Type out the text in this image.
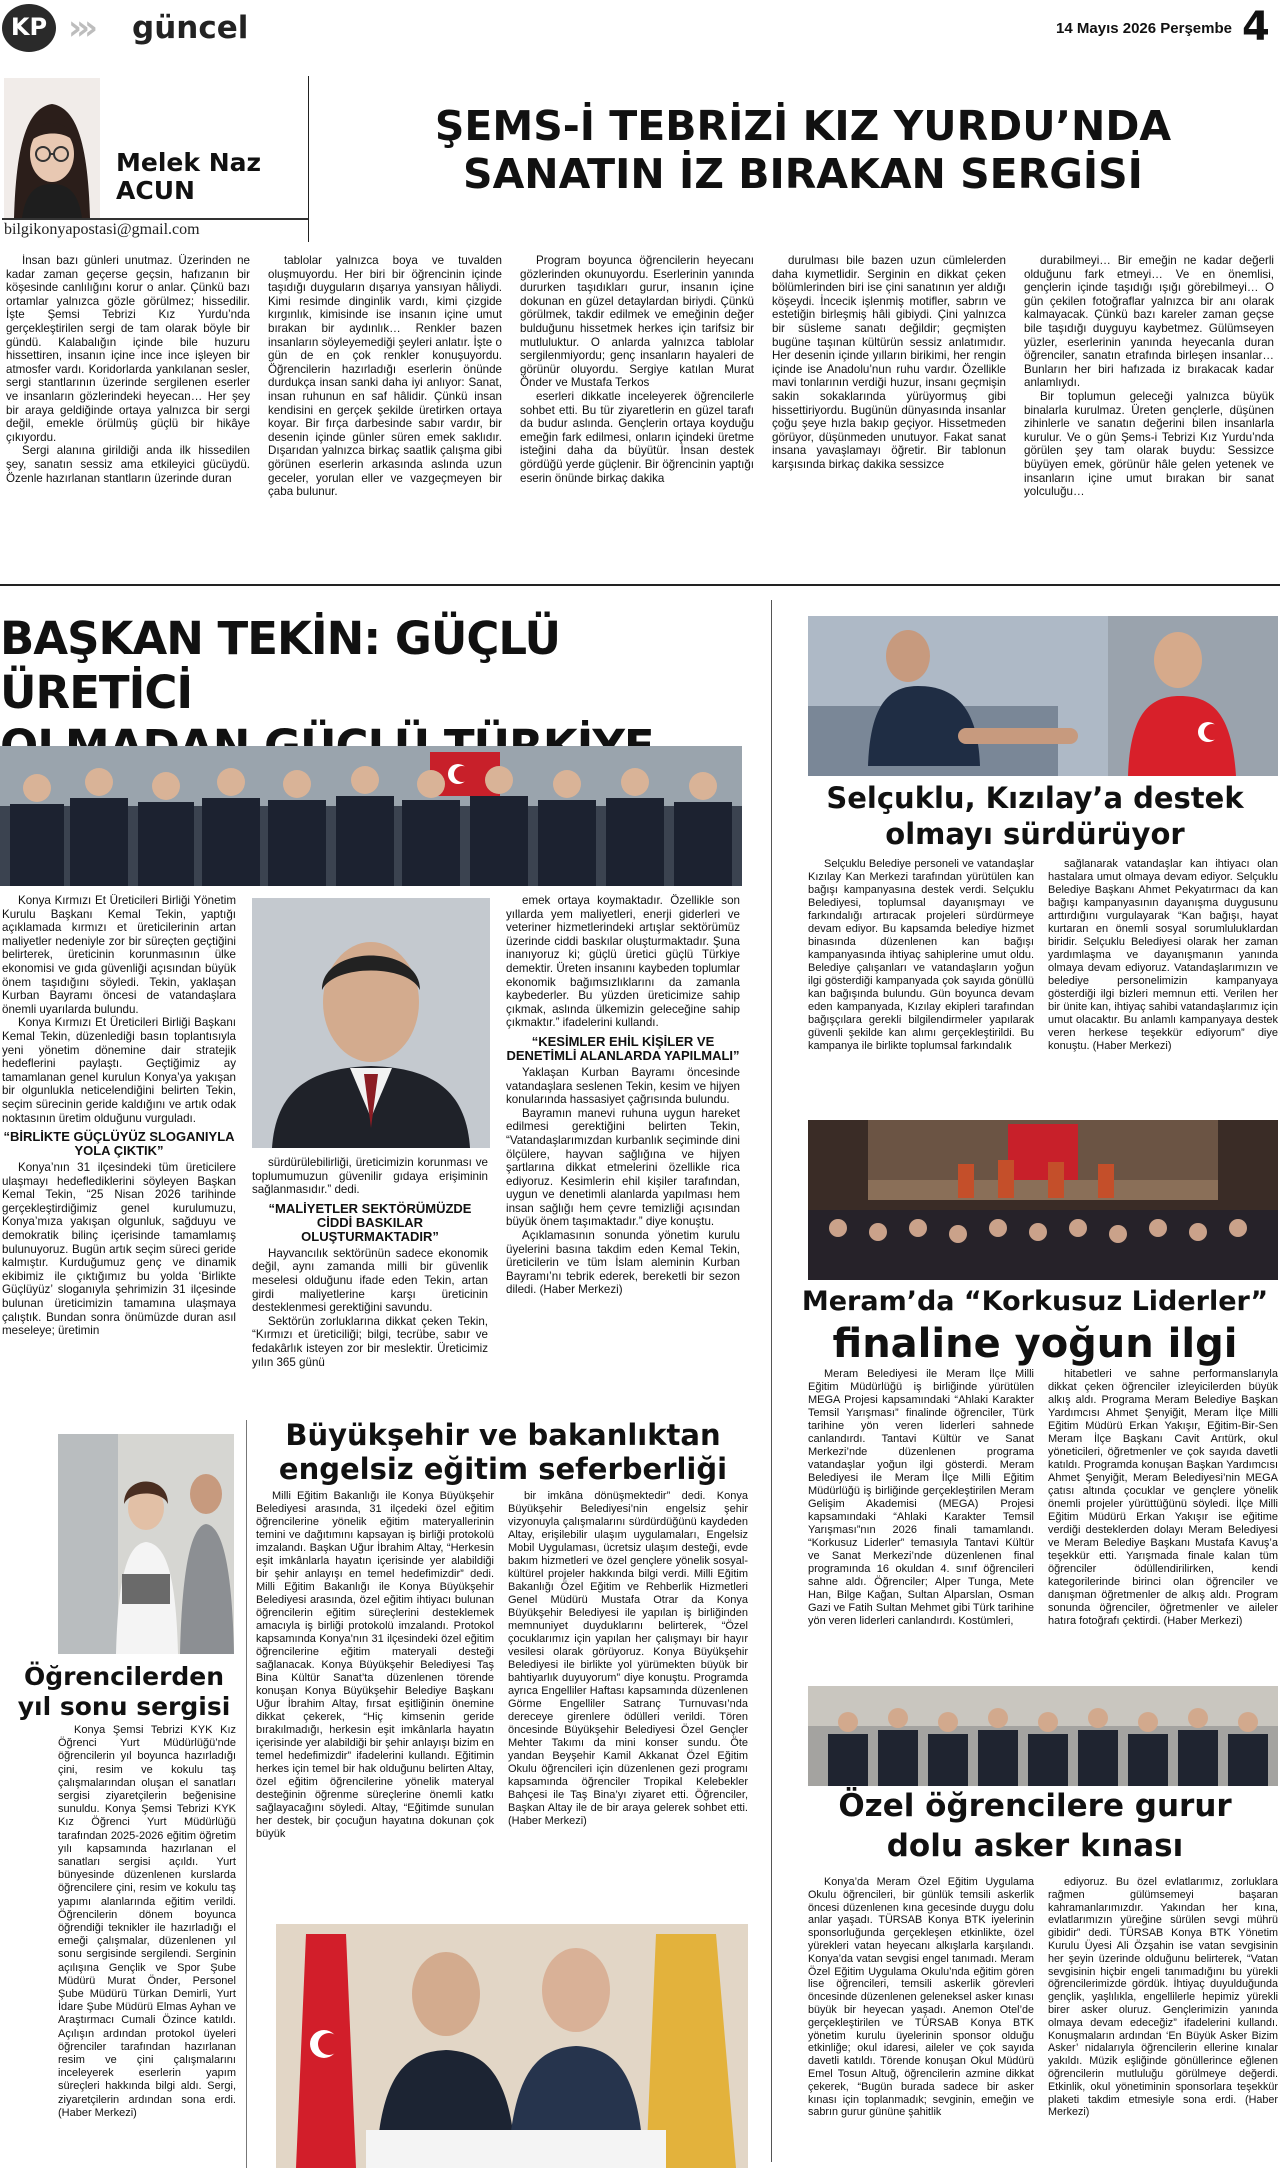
KP ››› güncel	14 Mayıs 2026 Perşembe 4
Melek Naz
ACUN
bilgikonyapostasi@gmail.com
ŞEMS-İ TEBRİZİ KIZ YURDU’NDA
SANATIN İZ BIRAKAN SERGİSİ

İnsan bazı günleri unutmaz. Üzerinden ne kadar zaman geçerse geçsin, hafızanın bir köşesinde canlılığını korur o anlar. Çünkü bazı ortamlar yalnızca gözle görülmez; hissedilir. İşte Şemsi Tebrizi Kız Yurdu’nda gerçekleştirilen sergi de tam olarak böyle bir gündü. Kalabalığın içinde bile huzuru hissettiren, insanın içine ince ince işleyen bir atmosfer vardı. Koridorlarda yankılanan sesler, sergi stantlarının üzerinde sergilenen eserler ve insanların gözlerindeki heyecan… Her şey bir araya geldiğinde ortaya yalnızca bir sergi değil, emekle örülmüş güçlü bir hikâye çıkıyordu.

Sergi alanına girildiği anda ilk hissedilen şey, sanatın sessiz ama etkileyici gücüydü. Özenle hazırlanan stantların üzerinde duran

tablolar yalnızca boya ve tuvalden oluşmuyordu. Her biri bir öğrencinin içinde taşıdığı duyguların dışarıya yansıyan hâliydi. Kimi resimde dinginlik vardı, kimi çizgide kırgınlık, kimisinde ise insanın içine umut bırakan bir aydınlık… Renkler bazen insanların söyleyemediği şeyleri anlatır. İşte o gün de en çok renkler konuşuyordu. Öğrencilerin hazırladığı eserlerin önünde durdukça insan sanki daha iyi anlıyor: Sanat, insan ruhunun en saf hâlidir. Çünkü insan kendisini en gerçek şekilde üretirken ortaya koyar. Bir fırça darbesinde sabır vardır, bir desenin içinde günler süren emek saklıdır. Dışarıdan yalnızca birkaç saatlik çalışma gibi görünen eserlerin arkasında aslında uzun geceler, yorulan eller ve vazgeçmeyen bir çaba bulunur.

Program boyunca öğrencilerin heyecanı gözlerinden okunuyordu. Eserlerinin yanında dururken taşıdıkları gurur, insanın içine dokunan en güzel detaylardan biriydi. Çünkü görülmek, takdir edilmek ve emeğinin değer bulduğunu hissetmek herkes için tarifsiz bir mutluluktur. O anlarda yalnızca tablolar sergilenmiyordu; genç insanların hayaleri de görünür oluyordu. Sergiye katılan Murat Önder ve Mustafa Terkos

eserleri dikkatle inceleyerek öğrencilerle sohbet etti. Bu tür ziyaretlerin en güzel tarafı da budur aslında. Gençlerin ortaya koyduğu emeğin fark edilmesi, onların içindeki üretme isteğini daha da büyütür. İnsan destek gördüğü yerde güçlenir. Bir öğrencinin yaptığı eserin önünde birkaç dakika

durulması bile bazen uzun cümlelerden daha kıymetlidir. Serginin en dikkat çeken bölümlerinden biri ise çini sanatının yer aldığı köşeydi. İncecik işlenmiş motifler, sabrın ve estetiğin birleşmiş hâli gibiydi. Çini yalnızca bir süsleme sanatı değildir; geçmişten bugüne taşınan kültürün sessiz anlatımıdır. Her desenin içinde yılların birikimi, her rengin içinde ise Anadolu’nun ruhu vardır. Özellikle mavi tonlarının verdiği huzur, insanı geçmişin sakin sokaklarında yürüyormuş gibi hissettiriyordu. Bugünün dünyasında insanlar çoğu şeye hızla bakıp geçiyor. Hissetmeden görüyor, düşünmeden unutuyor. Fakat sanat insana yavaşlamayı öğretir. Bir tablonun karşısında birkaç dakika sessizce

durabilmeyi… Bir emeğin ne kadar değerli olduğunu fark etmeyi… Ve en önemlisi, gençlerin içinde taşıdığı ışığı görebilmeyi… O gün çekilen fotoğraflar yalnızca bir anı olarak kalmayacak. Çünkü bazı kareler zaman geçse bile taşıdığı duyguyu kaybetmez. Gülümseyen yüzler, eserlerinin yanında heyecanla duran öğrenciler, sanatın etrafında birleşen insanlar… Bunların her biri hafızada iz bırakacak kadar anlamlıydı.

Bir toplumun geleceği yalnızca büyük binalarla kurulmaz. Üreten gençlerle, düşünen zihinlerle ve sanatın değerini bilen insanlarla kurulur. Ve o gün Şems-i Tebrizi Kız Yurdu’nda görülen şey tam olarak buydu: Sessizce büyüyen emek, görünür hâle gelen yetenek ve insanların içine umut bırakan bir sanat yolculuğu…

BAŞKAN TEKİN: GÜÇLÜ ÜRETİCİ

Konya Kırmızı Et Üreticileri Birliği Yönetim Kurulu Başkanı Kemal Tekin, yaptığı açıklamada kırmızı et üreticilerinin artan maliyetler nedeniyle zor bir süreçten geçtiğini belirterek, üreticinin korunmasının ülke ekonomisi ve gıda güvenliği açısından büyük önem taşıdığını söyledi. Tekin, yaklaşan Kurban Bayramı öncesi de vatandaşlara önemli uyarılarda bulundu.

Konya Kırmızı Et Üreticileri Birliği Başkanı Kemal Tekin, düzenlediği basın toplantısıyla yeni yönetim dönemine dair stratejik hedeflerini paylaştı. Geçtiğimiz ay tamamlanan genel kurulun Konya’ya yakışan bir olgunlukla neticelendiğini belirten Tekin, seçim sürecinin geride kaldığını ve artık odak noktasının üretim olduğunu vurguladı.

“BİRLİKTE GÜÇLÜYÜZ SLOGANIYLA YOLA ÇIKTIK”

Konya’nın 31 ilçesindeki tüm üreticilere ulaşmayı hedeflediklerini söyleyen Başkan Kemal Tekin, “25 Nisan 2026 tarihinde gerçekleştirdiğimiz genel kurulumuzu, Konya’mıza yakışan olgunluk, sağduyu ve demokratik bilinç içerisinde tamamlamış bulunuyoruz. Bugün artık seçim süreci geride kalmıştır. Kurduğumuz genç ve dinamik ekibimiz ile çıktığımız bu yolda ‘Birlikte Güçlüyüz’ sloganıyla şehrimizin 31 ilçesinde bulunan üreticimizin tamamına ulaşmaya çalıştık. Bundan sonra önümüzde duran asıl meseleye; üretimin

sürdürülebilirliği, üreticimizin korunması ve toplumumuzun güvenilir gıdaya erişiminin sağlanmasıdır.” dedi.

“MALİYETLER SEKTÖRÜMÜZDE CİDDİ BASKILAR OLUŞTURMAKTADIR”

Hayvancılık sektörünün sadece ekonomik değil, aynı zamanda milli bir güvenlik meselesi olduğunu ifade eden Tekin, artan girdi maliyetlerine karşı üreticinin desteklenmesi gerektiğini savundu.

Sektörün zorluklarına dikkat çeken Tekin, “Kırmızı et üreticiliği; bilgi, tecrübe, sabır ve fedakârlık isteyen zor bir meslektir. Üreticimiz yılın 365 günü

emek ortaya koymaktadır. Özellikle son yıllarda yem maliyetleri, enerji giderleri ve veteriner hizmetlerindeki artışlar sektörümüz üzerinde ciddi baskılar oluşturmaktadır. Şuna inanıyoruz ki; güçlü üretici güçlü Türkiye demektir. Üreten insanını kaybeden toplumlar ekonomik bağımsızlıklarını da zamanla kaybederler. Bu yüzden üreticimize sahip çıkmak, aslında ülkemizin geleceğine sahip çıkmaktır.” ifadelerini kullandı.

“KESİMLER EHİL KİŞİLER VE DENETİMLİ ALANLARDA YAPILMALI”

Yaklaşan Kurban Bayramı öncesinde vatandaşlara seslenen Tekin, kesim ve hijyen konularında hassasiyet çağrısında bulundu.

Bayramın manevi ruhuna uygun hareket edilmesi gerektiğini belirten Tekin, “Vatandaşlarımızdan kurbanlık seçiminde dini ölçülere, hayvan sağlığına ve hijyen şartlarına dikkat etmelerini özellikle rica ediyoruz. Kesimlerin ehil kişiler tarafından, uygun ve denetimli alanlarda yapılması hem insan sağlığı hem çevre temizliği açısından büyük önem taşımaktadır.” diye konuştu.

Açıklamasının sonunda yönetim kurulu üyelerini basına takdim eden Kemal Tekin, üreticilerin ve tüm İslam aleminin Kurban Bayramı’nı tebrik ederek, bereketli bir sezon diledi. (Haber Merkezi)

Selçuklu, Kızılay’a destek
olmayı sürdürüyor

Selçuklu Belediye personeli ve vatandaşlar Kızılay Kan Merkezi tarafından yürütülen kan bağışı kampanyasına destek verdi. Selçuklu Belediyesi, toplumsal dayanışmayı ve farkındalığı artıracak projeleri sürdürmeye devam ediyor. Bu kapsamda belediye hizmet binasında düzenlenen kan bağışı kampanyasında ihtiyaç sahiplerine umut oldu. Belediye çalışanları ve vatandaşların yoğun ilgi gösterdiği kampanyada çok sayıda gönüllü kan bağışında bulundu. Gün boyunca devam eden kampanyada, Kızılay ekipleri tarafından bağışçılara gerekli bilgilendirmeler yapılarak güvenli şekilde kan alımı gerçekleştirildi. Bu kampanya ile birlikte toplumsal farkındalık

sağlanarak vatandaşlar kan ihtiyacı olan hastalara umut olmaya devam ediyor. Selçuklu Belediye Başkanı Ahmet Pekyatırmacı da kan bağışı kampanyasının dayanışma duygusunu arttırdığını vurgulayarak “Kan bağışı, hayat kurtaran en önemli sosyal sorumluluklardan biridir. Selçuklu Belediyesi olarak her zaman yardımlaşma ve dayanışmanın yanında olmaya devam ediyoruz. Vatandaşlarımızın ve belediye personelimizin kampanyaya gösterdiği ilgi bizleri memnun etti. Verilen her bir ünite kan, ihtiyaç sahibi vatandaşlarımız için umut olacaktır. Bu anlamlı kampanyaya destek veren herkese teşekkür ediyorum” diye konuştu. (Haber Merkezi)

Meram’da “Korkusuz Liderler”
finaline yoğun ilgi

Meram Belediyesi ile Meram İlçe Milli Eğitim Müdürlüğü iş birliğinde yürütülen MEGA Projesi kapsamındaki “Ahlaki Karakter Temsil Yarışması” finalinde öğrenciler, Türk tarihine yön veren liderleri sahnede canlandırdı. Tantavi Kültür ve Sanat Merkezi’nde düzenlenen programa vatandaşlar yoğun ilgi gösterdi. Meram Belediyesi ile Meram İlçe Milli Eğitim Müdürlüğü iş birliğinde gerçekleştirilen Meram Gelişim Akademisi (MEGA) Projesi kapsamındaki “Ahlaki Karakter Temsil Yarışması”nın 2026 finali tamamlandı. “Korkusuz Liderler” temasıyla Tantavi Kültür ve Sanat Merkezi’nde düzenlenen final programında 16 okuldan 4. sınıf öğrencileri sahne aldı. Öğrenciler; Alper Tunga, Mete Han, Bilge Kağan, Sultan Alparslan, Osman Gazi ve Fatih Sultan Mehmet gibi Türk tarihine yön veren liderleri canlandırdı. Kostümleri,

hitabetleri ve sahne performanslarıyla dikkat çeken öğrenciler izleyicilerden büyük alkış aldı. Programa Meram Belediye Başkan Yardımcısı Ahmet Şenyiğit, Meram İlçe Milli Eğitim Müdürü Erkan Yakışır, Eğitim-Bir-Sen Meram İlçe Başkanı Cavit Arıtürk, okul yöneticileri, öğretmenler ve çok sayıda davetli katıldı. Programda konuşan Başkan Yardımcısı Ahmet Şenyiğit, Meram Belediyesi’nin MEGA çatısı altında çocuklar ve gençlere yönelik önemli projeler yürüttüğünü söyledi. İlçe Milli Eğitim Müdürü Erkan Yakışır ise eğitime verdiği desteklerden dolayı Meram Belediyesi ve Meram Belediye Başkanı Mustafa Kavuş’a teşekkür etti. Yarışmada finale kalan tüm öğrenciler ödüllendirilirken, kendi kategorilerinde birinci olan öğrenciler ve danışman öğretmenler de alkış aldı. Program sonunda öğrenciler, öğretmenler ve aileler hatıra fotoğrafı çektirdi. (Haber Merkezi)

Büyükşehir ve bakanlıktan
engelsiz eğitim seferberliği

Milli Eğitim Bakanlığı ile Konya Büyükşehir Belediyesi arasında, 31 ilçedeki özel eğitim öğrencilerine yönelik eğitim materyallerinin temini ve dağıtımını kapsayan iş birliği protokolü imzalandı. Başkan Uğur İbrahim Altay, “Herkesin eşit imkânlarla hayatın içerisinde yer alabildiği bir şehir anlayışı en temel hedefimizdir” dedi. Milli Eğitim Bakanlığı ile Konya Büyükşehir Belediyesi arasında, özel eğitim ihtiyacı bulunan öğrencilerin eğitim süreçlerini desteklemek amacıyla iş birliği protokolü imzalandı. Protokol kapsamında Konya’nın 31 ilçesindeki özel eğitim öğrencilerine eğitim materyali desteği sağlanacak. Konya Büyükşehir Belediyesi Taş Bina Kültür Sanat’ta düzenlenen törende konuşan Konya Büyükşehir Belediye Başkanı Uğur İbrahim Altay, fırsat eşitliğinin önemine dikkat çekerek, “Hiç kimsenin geride bırakılmadığı, herkesin eşit imkânlarla hayatın içerisinde yer alabildiği bir şehir anlayışı bizim en temel hedefimizdir” ifadelerini kullandı. Eğitimin herkes için temel bir hak olduğunu belirten Altay, özel eğitim öğrencilerine yönelik materyal desteğinin öğrenme süreçlerine önemli katkı sağlayacağını söyledi. Altay, “Eğitimde sunulan her destek, bir çocuğun hayatına dokunan çok büyük

bir imkâna dönüşmektedir” dedi. Konya Büyükşehir Belediyesi’nin engelsiz şehir vizyonuyla çalışmalarını sürdürdüğünü kaydeden Altay, erişilebilir ulaşım uygulamaları, Engelsiz Mobil Uygulaması, ücretsiz ulaşım desteği, evde bakım hizmetleri ve özel gençlere yönelik sosyal-kültürel projeler hakkında bilgi verdi. Milli Eğitim Bakanlığı Özel Eğitim ve Rehberlik Hizmetleri Genel Müdürü Mustafa Otrar da Konya Büyükşehir Belediyesi ile yapılan iş birliğinden memnuniyet duyduklarını belirterek, “Özel çocuklarımız için yapılan her çalışmayı bir hayır vesilesi olarak görüyoruz. Konya Büyükşehir Belediyesi ile birlikte yol yürümekten büyük bir bahtiyarlık duyuyorum” diye konuştu. Programda ayrıca Engelliler Haftası kapsamında düzenlenen Görme Engelliler Satranç Turnuvası’nda dereceye girenlere ödülleri verildi. Tören öncesinde Büyükşehir Belediyesi Özel Gençler Mehter Takımı da mini konser sundu. Öte yandan Beyşehir Kamil Akkanat Özel Eğitim Okulu öğrencileri için düzenlenen gezi programı kapsamında öğrenciler Tropikal Kelebekler Bahçesi ile Taş Bina’yı ziyaret etti. Öğrenciler, Başkan Altay ile de bir araya gelerek sohbet etti. (Haber Merkezi)

Öğrencilerden
yıl sonu sergisi

Konya Şemsi Tebrizi KYK Kız Öğrenci Yurt Müdürlüğü’nde öğrencilerin yıl boyunca hazırladığı çini, resim ve kokulu taş çalışmalarından oluşan el sanatları sergisi ziyaretçilerin beğenisine sunuldu. Konya Şemsi Tebrizi KYK Kız Öğrenci Yurt Müdürlüğü tarafından 2025-2026 eğitim öğretim yılı kapsamında hazırlanan el sanatları sergisi açıldı. Yurt bünyesinde düzenlenen kurslarda öğrencilere çini, resim ve kokulu taş yapımı alanlarında eğitim verildi. Öğrencilerin dönem boyunca öğrendiği teknikler ile hazırladığı el emeği çalışmalar, düzenlenen yıl sonu sergisinde sergilendi. Serginin açılışına Gençlik ve Spor Şube Müdürü Murat Önder, Personel Şube Müdürü Türkan Demirli, Yurt İdare Şube Müdürü Elmas Ayhan ve Araştırmacı Cumali Özince katıldı. Açılışın ardından protokol üyeleri öğrenciler tarafından hazırlanan resim ve çini çalışmalarını inceleyerek eserlerin yapım süreçleri hakkında bilgi aldı. Sergi, ziyaretçilerin ardından sona erdi. (Haber Merkezi)

Özel öğrencilere gurur
dolu asker kınası

Konya’da Meram Özel Eğitim Uygulama Okulu öğrencileri, bir günlük temsili askerlik öncesi düzenlenen kına gecesinde duygu dolu anlar yaşadı. TÜRSAB Konya BTK iyelerinin sponsorluğunda gerçekleşen etkinlikte, özel yürekleri vatan heyecanı alkışlarla karşılandı. Konya’da vatan sevgisi engel tanımadı. Meram Özel Eğitim Uygulama Okulu’nda eğitim gören lise öğrencileri, temsili askerlik görevleri öncesinde düzenlenen geleneksel asker kınası büyük bir heyecan yaşadı. Anemon Otel’de gerçekleştirilen ve TÜRSAB Konya BTK yönetim kurulu üyelerinin sponsor olduğu etkinliğe; okul idaresi, aileler ve çok sayıda davetli katıldı. Törende konuşan Okul Müdürü Emel Tosun Altuğ, öğrencilerin azmine dikkat çekerek, “Bugün burada sadece bir asker kınası için toplanmadık; sevginin, emeğin ve sabrın gurur gününe şahitlik

ediyoruz. Bu özel evlatlarımız, zorluklara rağmen gülümsemeyi başaran kahramanlarımızdır. Yakından her kına, evlatlarımızın yüreğine sürülen sevgi mührü gibidir” dedi. TÜRSAB Konya BTK Yönetim Kurulu Üyesi Ali Özşahin ise vatan sevgisinin her şeyin üzerinde olduğunu belirterek, “Vatan sevgisinin hiçbir engeli tanımadığını bu yürekli öğrencilerimizde gördük. İhtiyaç duyulduğunda gençlik, yaşlılıkla, engellilerle hepimiz yürekli birer asker oluruz. Gençlerimizin yanında olmaya devam edeceğiz” ifadelerini kullandı. Konuşmaların ardından ‘En Büyük Asker Bizim Asker’ nidalarıyla öğrencilerin ellerine kınalar yakıldı. Müzik eşliğinde gönüllerince eğlenen öğrencilerin mutluluğu görülmeye değerdi. Etkinlik, okul yönetiminin sponsorlara teşekkür plaketi takdim etmesiyle sona erdi. (Haber Merkezi)
